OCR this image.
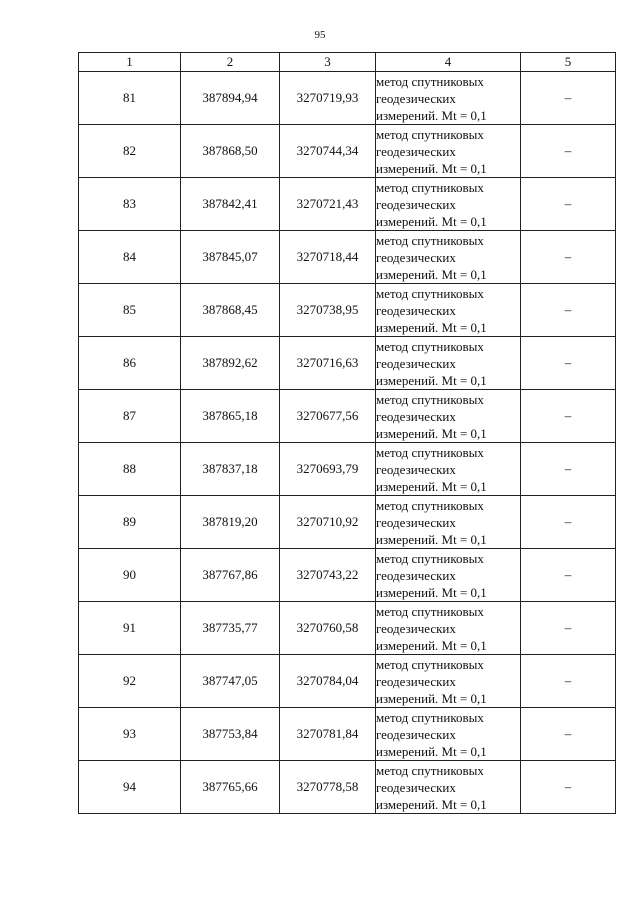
95
1	2	3	4	5
81	387894,94	3270719,93	метод спутниковых
геодезических
измерений. Mt = 0,1	–
82	387868,50	3270744,34	метод спутниковых
геодезических
измерений. Mt = 0,1	–
83	387842,41	3270721,43	метод спутниковых
геодезических
измерений. Mt = 0,1	–
84	387845,07	3270718,44	метод спутниковых
геодезических
измерений. Mt = 0,1	–
85	387868,45	3270738,95	метод спутниковых
геодезических
измерений. Mt = 0,1	–
86	387892,62	3270716,63	метод спутниковых
геодезических
измерений. Mt = 0,1	–
87	387865,18	3270677,56	метод спутниковых
геодезических
измерений. Mt = 0,1	–
88	387837,18	3270693,79	метод спутниковых
геодезических
измерений. Mt = 0,1	–
89	387819,20	3270710,92	метод спутниковых
геодезических
измерений. Mt = 0,1	–
90	387767,86	3270743,22	метод спутниковых
геодезических
измерений. Mt = 0,1	–
91	387735,77	3270760,58	метод спутниковых
геодезических
измерений. Mt = 0,1	–
92	387747,05	3270784,04	метод спутниковых
геодезических
измерений. Mt = 0,1	–
93	387753,84	3270781,84	метод спутниковых
геодезических
измерений. Mt = 0,1	–
94	387765,66	3270778,58	метод спутниковых
геодезических
измерений. Mt = 0,1	–
